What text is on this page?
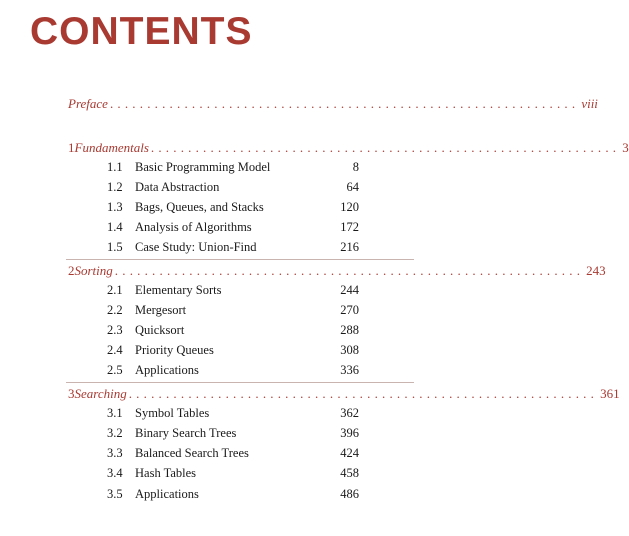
CONTENTS
Preface ............................................................... viii
1 Fundamentals ............................................................... 3
1.1 Basic Programming Model	8
1.2 Data Abstraction	64
1.3 Bags, Queues, and Stacks	120
1.4 Analysis of Algorithms	172
1.5 Case Study: Union-Find	216
2 Sorting ............................................................... 243
2.1 Elementary Sorts	244
2.2 Mergesort	270
2.3 Quicksort	288
2.4 Priority Queues	308
2.5 Applications	336
3 Searching ............................................................... 361
3.1 Symbol Tables	362
3.2 Binary Search Trees	396
3.3 Balanced Search Trees	424
3.4 Hash Tables	458
3.5 Applications	486
